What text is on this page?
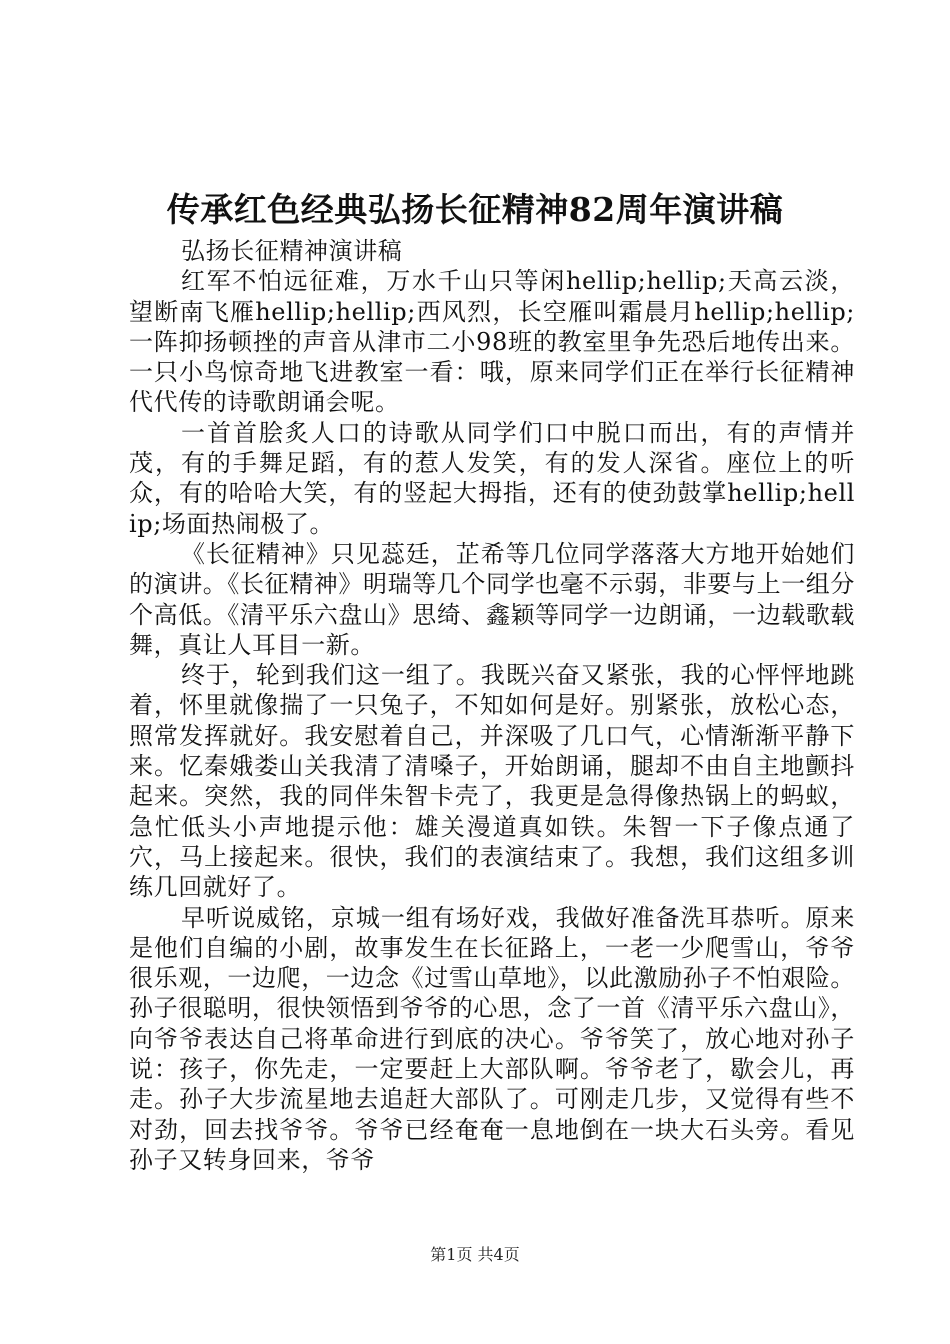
传承红色经典弘扬长征精神82周年演讲稿

弘扬长征精神演讲稿

红军不怕远征难，万水千山只等闲hellip;hellip;天高云淡，望断南飞雁hellip;hellip;西风烈，长空雁叫霜晨月hellip;hellip;一阵抑扬顿挫的声音从津市二小98班的教室里争先恐后地传出来。一只小鸟惊奇地飞进教室一看：哦，原来同学们正在举行长征精神代代传的诗歌朗诵会呢。

一首首脍炙人口的诗歌从同学们口中脱口而出，有的声情并茂，有的手舞足蹈，有的惹人发笑，有的发人深省。座位上的听众，有的哈哈大笑，有的竖起大拇指，还有的使劲鼓掌hellip;hellip;场面热闹极了。

《长征精神》只见蕊廷，芷希等几位同学落落大方地开始她们的演讲。《长征精神》明瑞等几个同学也毫不示弱，非要与上一组分个高低。《清平乐六盘山》思绮、鑫颖等同学一边朗诵，一边载歌载舞，真让人耳目一新。

终于，轮到我们这一组了。我既兴奋又紧张，我的心怦怦地跳着，怀里就像揣了一只兔子，不知如何是好。别紧张，放松心态，照常发挥就好。我安慰着自己，并深吸了几口气，心情渐渐平静下来。忆秦娥娄山关我清了清嗓子，开始朗诵，腿却不由自主地颤抖起来。突然，我的同伴朱智卡壳了，我更是急得像热锅上的蚂蚁，急忙低头小声地提示他：雄关漫道真如铁。朱智一下子像点通了穴，马上接起来。很快，我们的表演结束了。我想，我们这组多训练几回就好了。

早听说威铭，京城一组有场好戏，我做好准备洗耳恭听。原来是他们自编的小剧，故事发生在长征路上，一老一少爬雪山，爷爷很乐观，一边爬，一边念《过雪山草地》，以此激励孙子不怕艰险。孙子很聪明，很快领悟到爷爷的心思，念了一首《清平乐六盘山》，向爷爷表达自己将革命进行到底的决心。爷爷笑了，放心地对孙子说：孩子，你先走，一定要赶上大部队啊。爷爷老了，歇会儿，再走。孙子大步流星地去追赶大部队了。可刚走几步，又觉得有些不对劲，回去找爷爷。爷爷已经奄奄一息地倒在一块大石头旁。看见孙子又转身回来，爷爷

第1页 共4页
